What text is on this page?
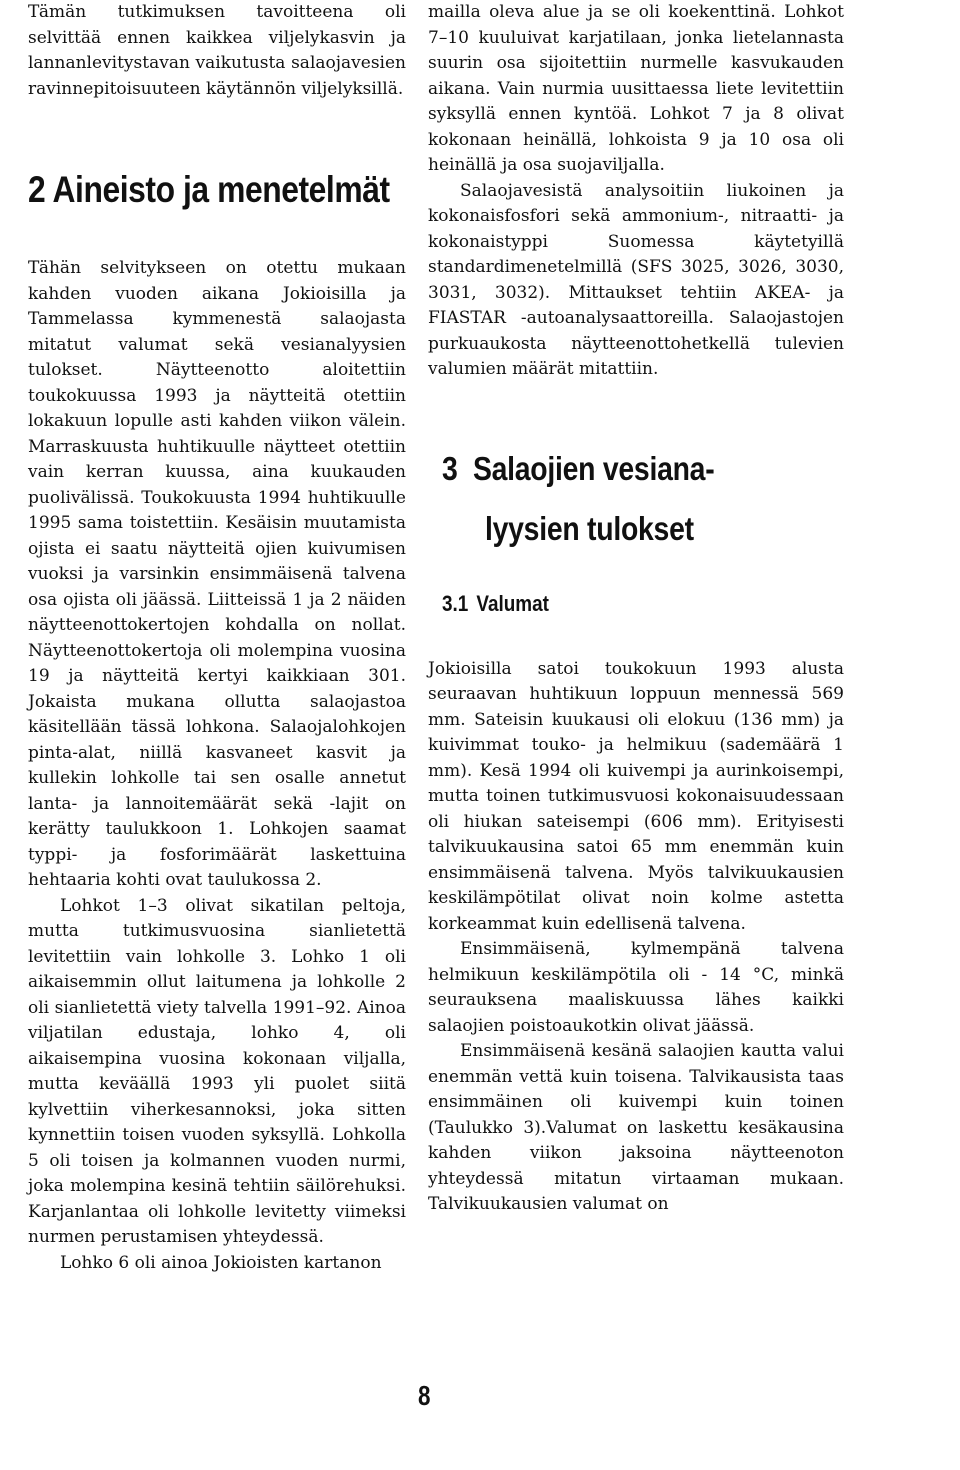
Tämän tutkimuksen tavoitteena oli selvittää ennen kaikkea viljelykasvin ja lannanlevitystavan vaikutusta salaojavesien ravinnepitoisuuteen käytännön viljelyksillä.

2 Aineisto ja menetelmät

Tähän selvitykseen on otettu mukaan kahden vuoden aikana Jokioisilla ja Tammelassa kymmenestä salaojasta mitatut valumat sekä vesianalyysien tulokset. Näytteenotto aloitettiin toukokuussa 1993 ja näytteitä otettiin lokakuun lopulle asti kahden viikon välein. Marraskuusta huhtikuulle näytteet otettiin vain kerran kuussa, aina kuukauden puolivälissä. Toukokuusta 1994 huhtikuulle 1995 sama toistettiin. Kesäisin muutamista ojista ei saatu näytteitä ojien kuivumisen vuoksi ja varsinkin ensimmäisenä talvena osa ojista oli jäässä. Liitteissä 1 ja 2 näiden näytteenottokertojen kohdalla on nollat. Näytteenottokertoja oli molempina vuosina 19 ja näytteitä kertyi kaikkiaan 301. Jokaista mukana ollutta salaojastoa käsitellään tässä lohkona. Salaojalohkojen pinta-alat, niillä kasvaneet kasvit ja kullekin lohkolle tai sen osalle annetut lanta- ja lannoitemäärät sekä -lajit on kerätty taulukkoon 1. Lohkojen saamat typpi- ja fosforimäärät laskettuina hehtaaria kohti ovat taulukossa 2.

Lohkot 1–3 olivat sikatilan peltoja, mutta tutkimusvuosina sianlietettä levitettiin vain lohkolle 3. Lohko 1 oli aikaisemmin ollut laitumena ja lohkolle 2 oli sianlietettä viety talvella 1991–92. Ainoa viljatilan edustaja, lohko 4, oli aikaisempina vuosina kokonaan viljalla, mutta keväällä 1993 yli puolet siitä kylvettiin viherkesannoksi, joka sitten kynnettiin toisen vuoden syksyllä. Lohkolla 5 oli toisen ja kolmannen vuoden nurmi, joka molempina kesinä tehtiin säilörehuksi. Karjanlantaa oli lohkolle levitetty viimeksi nurmen perustamisen yhteydessä.

Lohko 6 oli ainoa Jokioisten kartanon

mailla oleva alue ja se oli koekenttinä. Lohkot 7–10 kuuluivat karjatilaan, jonka lietelannasta suurin osa sijoitettiin nurmelle kasvukauden aikana. Vain nurmia uusittaessa liete levitettiin syksyllä ennen kyntöä. Lohkot 7 ja 8 olivat kokonaan heinällä, lohkoista 9 ja 10 osa oli heinällä ja osa suojaviljalla.

Salaojavesistä analysoitiin liukoinen ja kokonaisfosfori sekä ammonium-, nitraatti- ja kokonaistyppi Suomessa käytetyillä standardimenetelmillä (SFS 3025, 3026, 3030, 3031, 3032). Mittaukset tehtiin AKEA- ja FIASTAR -autoanalysaattoreilla. Salaojastojen purkuaukosta näytteenottohetkellä tulevien valumien määrät mitattiin.

3 Salaojien vesiana-
lyysien tulokset
3.1 Valumat

Jokioisilla satoi toukokuun 1993 alusta seuraavan huhtikuun loppuun mennessä 569 mm. Sateisin kuukausi oli elokuu (136 mm) ja kuivimmat touko- ja helmikuu (sademäärä 1 mm). Kesä 1994 oli kuivempi ja aurinkoisempi, mutta toinen tutkimusvuosi kokonaisuudessaan oli hiukan sateisempi (606 mm). Erityisesti talvikuukausina satoi 65 mm enemmän kuin ensimmäisenä talvena. Myös talvikuukausien keskilämpötilat olivat noin kolme astetta korkeammat kuin edellisenä talvena.

Ensimmäisenä, kylmempänä talvena helmikuun keskilämpötila oli - 14 °C, minkä seurauksena maaliskuussa lähes kaikki salaojien poistoaukotkin olivat jäässä.

Ensimmäisenä kesänä salaojien kautta valui enemmän vettä kuin toisena. Talvikausista taas ensimmäinen oli kuivempi kuin toinen (Taulukko 3).Valumat on laskettu kesäkausina kahden viikon jaksoina näytteenoton yhteydessä mitatun virtaaman mukaan. Talvikuukausien valumat on

8
